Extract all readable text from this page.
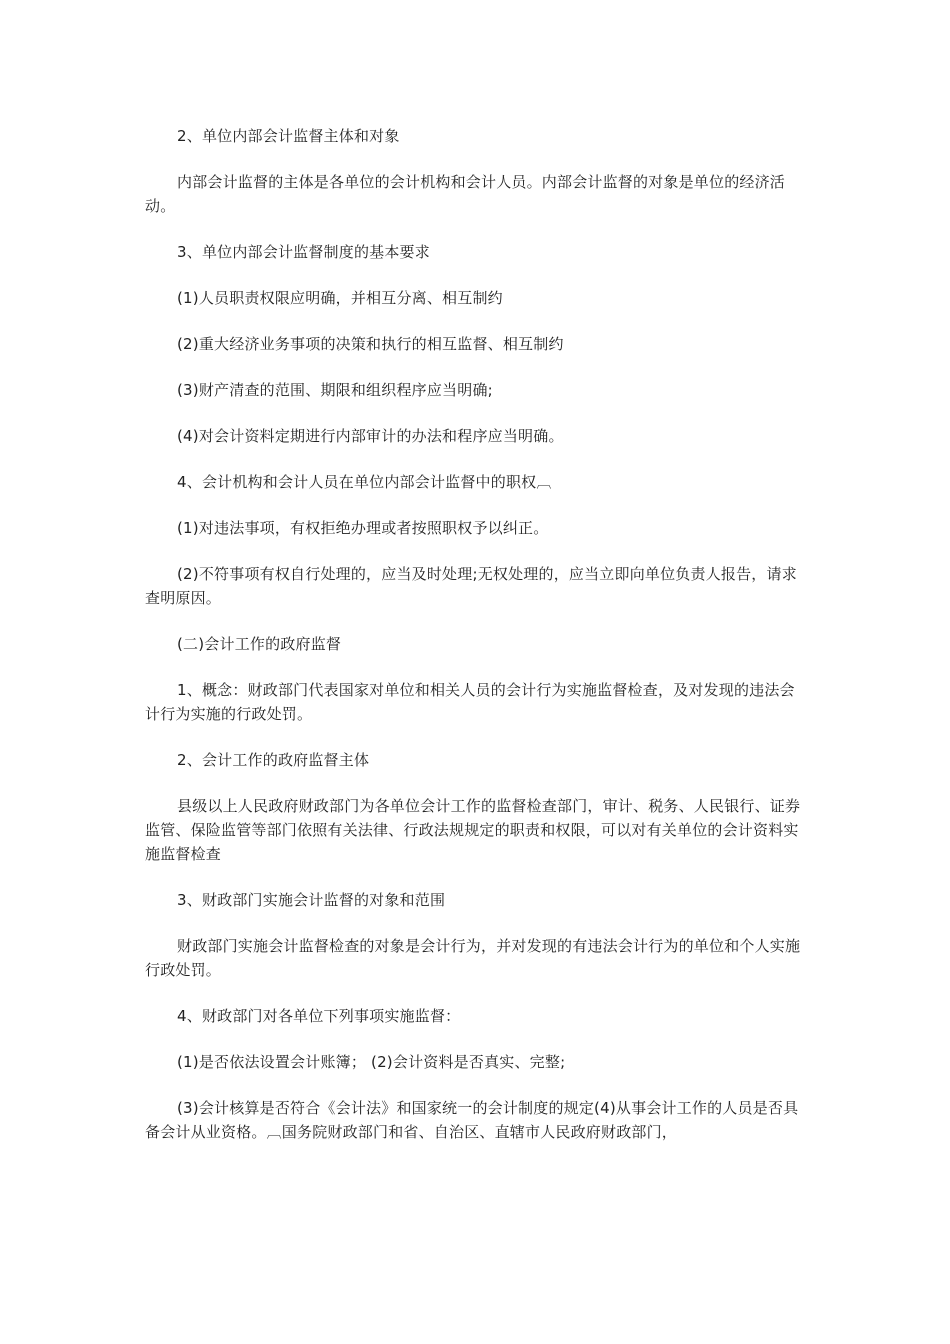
2、单位内部会计监督主体和对象

内部会计监督的主体是各单位的会计机构和会计人员。内部会计监督的对象是单位的经济活动。

3、单位内部会计监督制度的基本要求

(1)人员职责权限应明确，并相互分离、相互制约

(2)重大经济业务事项的决策和执行的相互监督、相互制约

(3)财产清查的范围、期限和组织程序应当明确;

(4)对会计资料定期进行内部审计的办法和程序应当明确。

4、会计机构和会计人员在单位内部会计监督中的职权︹

(1)对违法事项，有权拒绝办理或者按照职权予以纠正。

(2)不符事项有权自行处理的，应当及时处理;无权处理的，应当立即向单位负责人报告，请求查明原因。

(二)会计工作的政府监督

1、概念：财政部门代表国家对单位和相关人员的会计行为实施监督检查，及对发现的违法会计行为实施的行政处罚。

2、会计工作的政府监督主体

县级以上人民政府财政部门为各单位会计工作的监督检查部门，审计、税务、人民银行、证券监管、保险监管等部门依照有关法律、行政法规规定的职责和权限，可以对有关单位的会计资料实施监督检查

3、财政部门实施会计监督的对象和范围

财政部门实施会计监督检查的对象是会计行为，并对发现的有违法会计行为的单位和个人实施行政处罚。

4、财政部门对各单位下列事项实施监督：

(1)是否依法设置会计账簿； (2)会计资料是否真实、完整;

(3)会计核算是否符合《会计法》和国家统一的会计制度的规定(4)从事会计工作的人员是否具备会计从业资格。︹国务院财政部门和省、自治区、直辖市人民政府财政部门，
